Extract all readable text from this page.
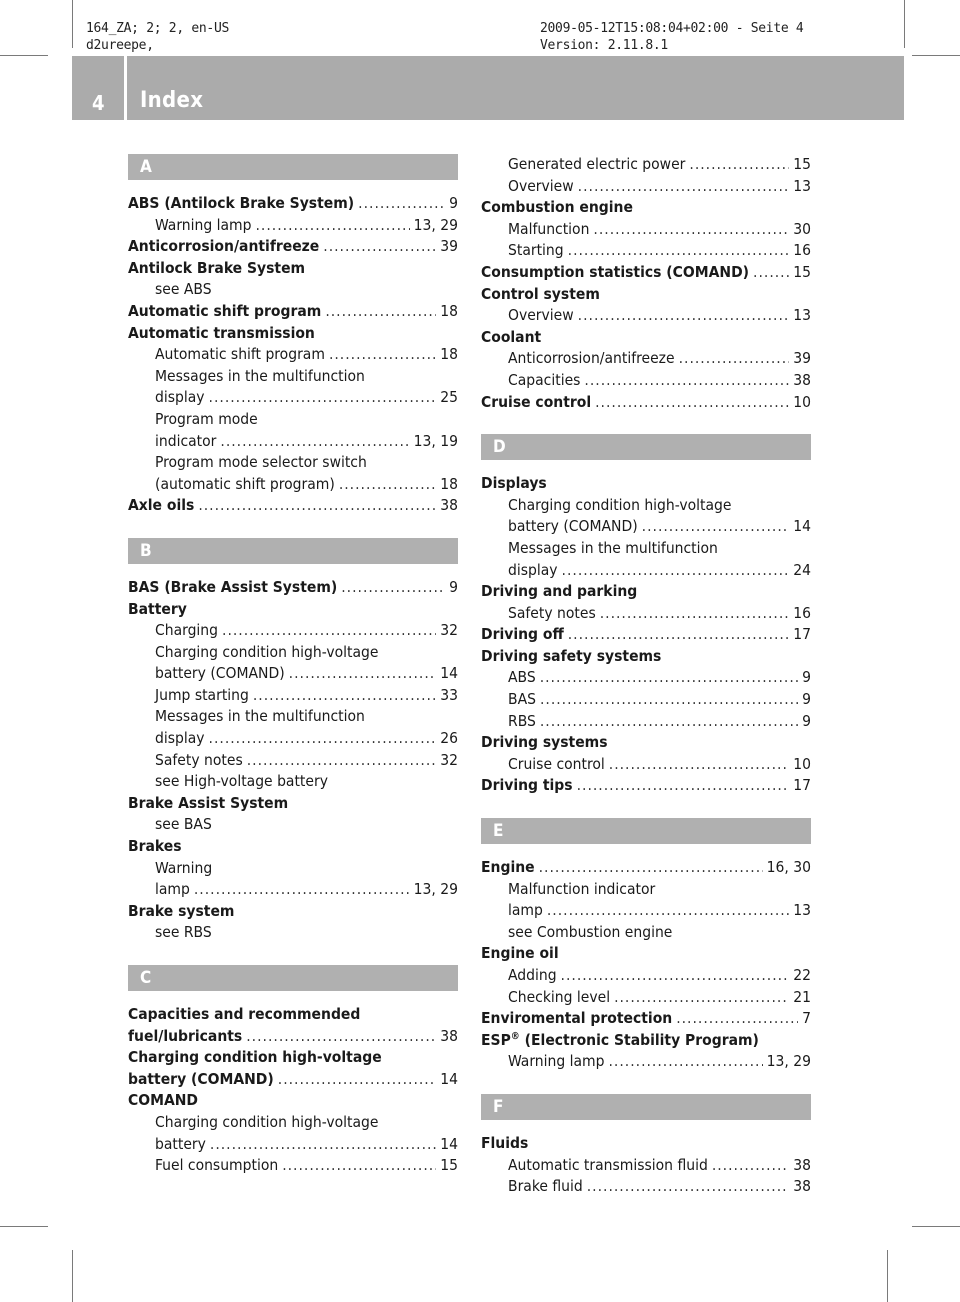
164_ZA; 2; 2, en-US
d2ureepe,
2009-05-12T15:08:04+02:00 - Seite 4
Version: 2.11.8.1
4 Index
A
ABS (Antilock Brake System) .....	9
Warning lamp .....	13, 29
Anticorrosion/antifreeze .....	39
Antilock Brake System
see ABS
Automatic shift program .....	18
Automatic transmission
Automatic shift program .....	18
Messages in the multifunction
display .....	25
Program mode
indicator .....	13, 19
Program mode selector switch
(automatic shift program) .....	18
Axle oils .....	38
B
BAS (Brake Assist System) .....	9
Battery
Charging .....	32
Charging condition high-voltage
battery (COMAND) .....	14
Jump starting .....	33
Messages in the multifunction
display .....	26
Safety notes .....	32
see High-voltage battery
Brake Assist System
see BAS
Brakes
Warning
lamp .....	13, 29
Brake system
see RBS
C
Capacities and recommended
fuel/lubricants .....	38
Charging condition high-voltage
battery (COMAND) .....	14
COMAND
Charging condition high-voltage
battery .....	14
Fuel consumption .....	15
Generated electric power .....	15
Overview .....	13
Combustion engine
Malfunction .....	30
Starting .....	16
Consumption statistics (COMAND) .....	15
Control system
Overview .....	13
Coolant
Anticorrosion/antifreeze .....	39
Capacities .....	38
Cruise control .....	10
D
Displays
Charging condition high-voltage
battery (COMAND) .....	14
Messages in the multifunction
display .....	24
Driving and parking
Safety notes .....	16
Driving off .....	17
Driving safety systems
ABS .....	9
BAS .....	9
RBS .....	9
Driving systems
Cruise control .....	10
Driving tips .....	17
E
Engine .....	16, 30
Malfunction indicator
lamp .....	13
see Combustion engine
Engine oil
Adding .....	22
Checking level .....	21
Enviromental protection .....	7
ESP® (Electronic Stability Program)
Warning lamp .....	13, 29
F
Fluids
Automatic transmission fluid .....	38
Brake fluid .....	38
